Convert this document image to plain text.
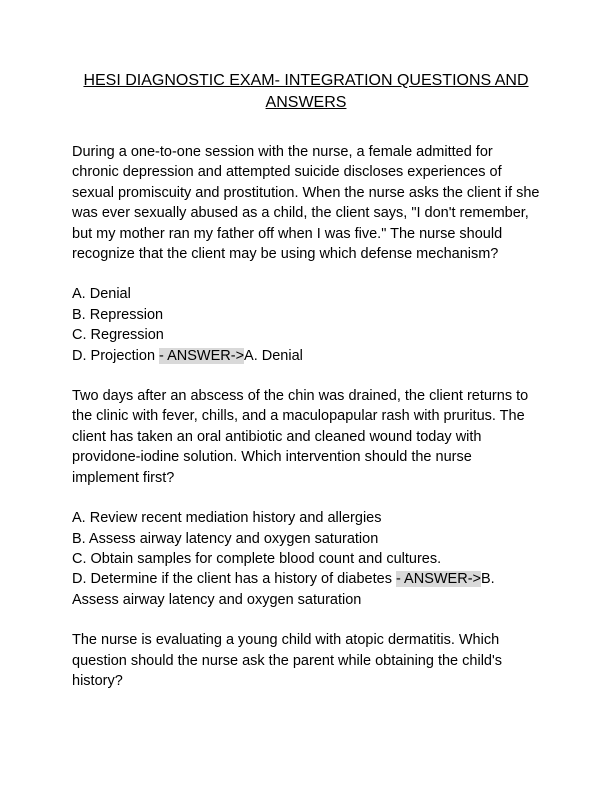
HESI DIAGNOSTIC EXAM- INTEGRATION QUESTIONS AND
ANSWERS

During a one-to-one session with the nurse, a female admitted for chronic depression and attempted suicide discloses experiences of sexual promiscuity and prostitution. When the nurse asks the client if she was ever sexually abused as a child, the client says, "I don't remember, but my mother ran my father off when I was five." The nurse should recognize that the client may be using which defense mechanism?

A. Denial
B. Repression
C. Regression
D. Projection - ANSWER->A. Denial

Two days after an abscess of the chin was drained, the client returns to the clinic with fever, chills, and a maculopapular rash with pruritus. The client has taken an oral antibiotic and cleaned wound today with providone-iodine solution. Which intervention should the nurse implement first?

A. Review recent mediation history and allergies
B. Assess airway latency and oxygen saturation
C. Obtain samples for complete blood count and cultures.
D. Determine if the client has a history of diabetes - ANSWER->B. Assess airway latency and oxygen saturation

The nurse is evaluating a young child with atopic dermatitis. Which question should the nurse ask the parent while obtaining the child's history?
